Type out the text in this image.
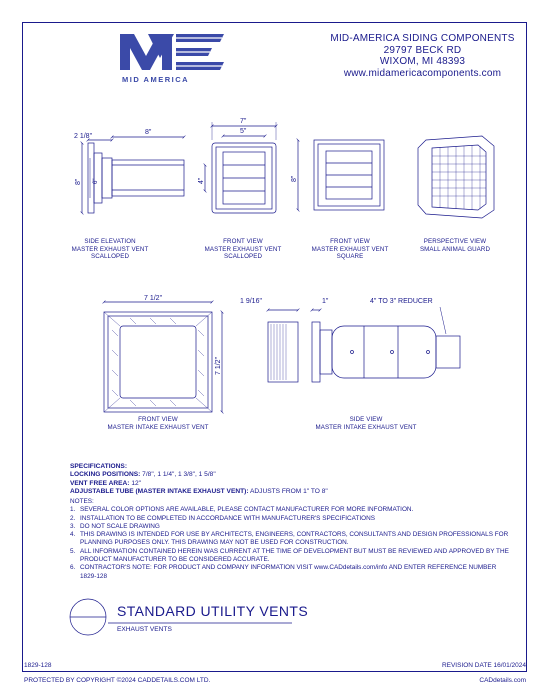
MID AMERICA
MID-AMERICA SIDING COMPONENTS
29797 BECK RD
WIXOM, MI 48393
www.midamericacomponents.com
2 1/8"
8"
8" 6"
7"
5"
4"	8"
7 1/2"
7 1/2"
1 9/16"	1"	4" TO 3" REDUCER
SIDE ELEVATION
MASTER EXHAUST VENT
SCALLOPED
FRONT VIEW
MASTER EXHAUST VENT
SCALLOPED
FRONT VIEW
MASTER EXHAUST VENT
SQUARE
PERSPECTIVE VIEW
SMALL ANIMAL GUARD
FRONT VIEW
MASTER INTAKE EXHAUST VENT
SIDE VIEW
MASTER INTAKE EXHAUST VENT
SPECIFICATIONS:
LOCKING POSITIONS: 7/8", 1 1/4", 1 3/8", 1 5/8"
VENT FREE AREA: 12"
ADJUSTABLE TUBE (MASTER INTAKE EXHAUST VENT): ADJUSTS FROM 1" TO 8"
NOTES:
1. SEVERAL COLOR OPTIONS ARE AVAILABLE, PLEASE CONTACT MANUFACTURER FOR MORE INFORMATION.
2. INSTALLATION TO BE COMPLETED IN ACCORDANCE WITH MANUFACTURER'S SPECIFICATIONS
3. DO NOT SCALE DRAWING
4. THIS DRAWING IS INTENDED FOR USE BY ARCHITECTS, ENGINEERS, CONTRACTORS, CONSULTANTS AND DESIGN PROFESSIONALS FOR PLANNING PURPOSES ONLY. THIS DRAWING MAY NOT BE USED FOR CONSTRUCTION.
5. ALL INFORMATION CONTAINED HEREIN WAS CURRENT AT THE TIME OF DEVELOPMENT BUT MUST BE REVIEWED AND APPROVED BY THE PRODUCT MANUFACTURER TO BE CONSIDERED ACCURATE.
6. CONTRACTOR'S NOTE: FOR PRODUCT AND COMPANY INFORMATION VISIT www.CADdetails.com/info AND ENTER REFERENCE NUMBER 1829-128
STANDARD UTILITY VENTS
EXHAUST VENTS
1829-128	REVISION DATE 16/01/2024
PROTECTED BY COPYRIGHT ©2024 CADDETAILS.COM LTD.	CADdetails.com
